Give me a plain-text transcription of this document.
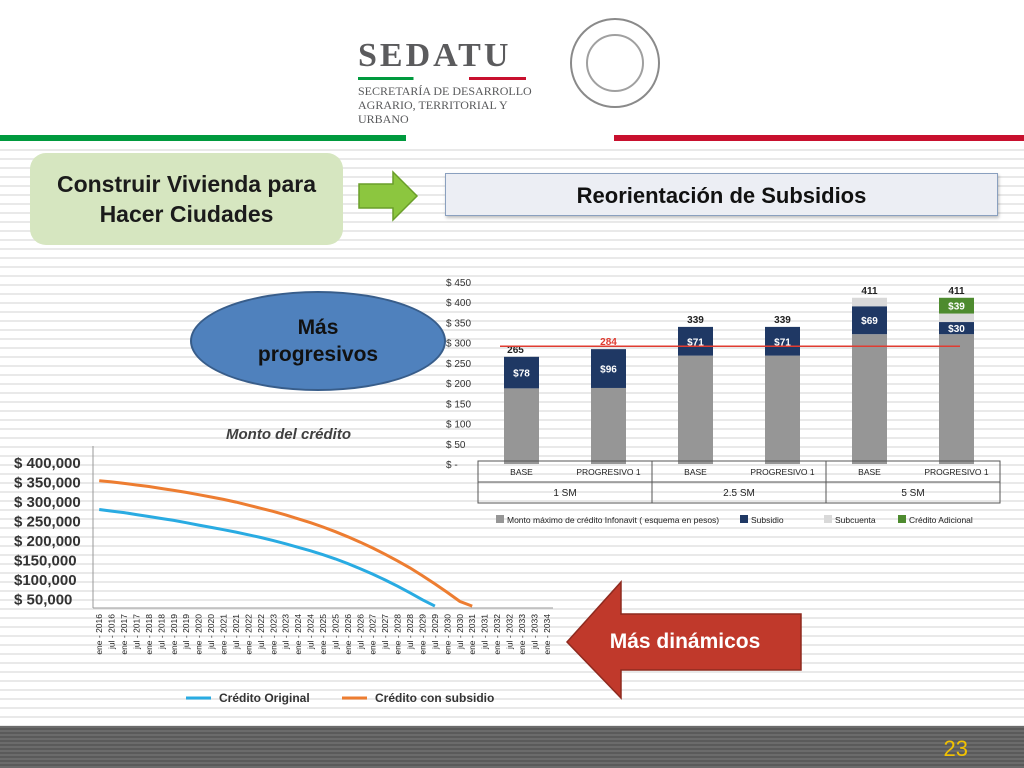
SEDATU
SECRETARÍA DE DESARROLLO
AGRARIO, TERRITORIAL Y URBANO
Construir Vivienda para
Hacer Ciudades
Reorientación de Subsidios
Más
progresivos
$ 450
$ 400
$ 350
$ 300
$ 250
$ 200
$ 150
$ 100
$ 50
$ -
$78
265
$96
284	$71
339
$71
339	$69
411
$30
$39
411
BASE	PROGRESIVO 1	BASE	PROGRESIVO 1	BASE	PROGRESIVO 1
1 SM	2.5 SM	5 SM
Monto máximo de crédito Infonavit ( esquema en pesos)	Subsidio	Subcuenta	Crédito Adicional
Monto del crédito
$ 400,000
$ 350,000
$ 300,000
$ 250,000
$ 200,000
$150,000
$100,000
$ 50,000
ene - 2016 jul - 2016 ene - 2017 jul - 2017 ene - 2018 jul - 2018 ene - 2019 jul - 2019 ene - 2020 jul - 2020 ene - 2021 jul - 2021 ene - 2022 jul - 2022 ene - 2023 jul - 2023 ene - 2024 jul - 2024 ene - 2025 jul - 2025 ene - 2026 jul - 2026 ene - 2027 jul - 2027 ene - 2028 jul - 2028 ene - 2029 jul - 2029 ene - 2030 jul - 2030 ene - 2031 jul - 2031 ene - 2032 jul - 2032 ene - 2033 jul - 2033 ene - 2034
Crédito Original	Crédito con subsidio
Más dinámicos
23
